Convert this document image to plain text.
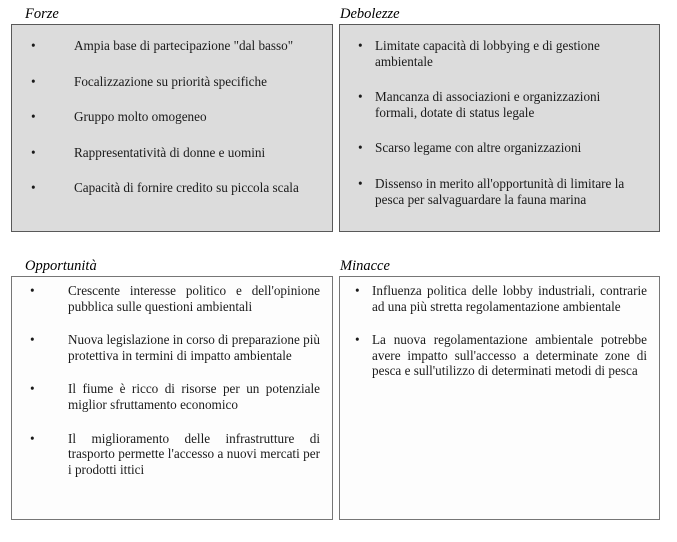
Forze
•	Ampia base di partecipazione "dal basso"
•	Focalizzazione su priorità specifiche
•	Gruppo molto omogeneo
•	Rappresentatività di donne e uomini
•	Capacità di fornire credito su piccola scala
Debolezze
• Limitate capacità di lobbying e di gestione ambientale
• Mancanza di associazioni e organizzazioni formali, dotate di status legale
• Scarso legame con altre organizzazioni
• Dissenso in merito all'opportunità di limitare la pesca per salvaguardare la fauna marina
Opportunità
•	Crescente interesse politico e dell'opinione pubblica sulle questioni ambientali
•	Nuova legislazione in corso di preparazione più protettiva in termini di impatto ambientale
•	Il fiume è ricco di risorse per un potenziale miglior sfruttamento economico
•	Il miglioramento delle infrastrutture di trasporto permette l'accesso a nuovi mercati per i prodotti ittici
Minacce
• Influenza politica delle lobby industriali, contrarie ad una più stretta regolamentazione ambientale
• La nuova regolamentazione ambientale potrebbe avere impatto sull'accesso a determinate zone di pesca e sull'utilizzo di determinati metodi di pesca
